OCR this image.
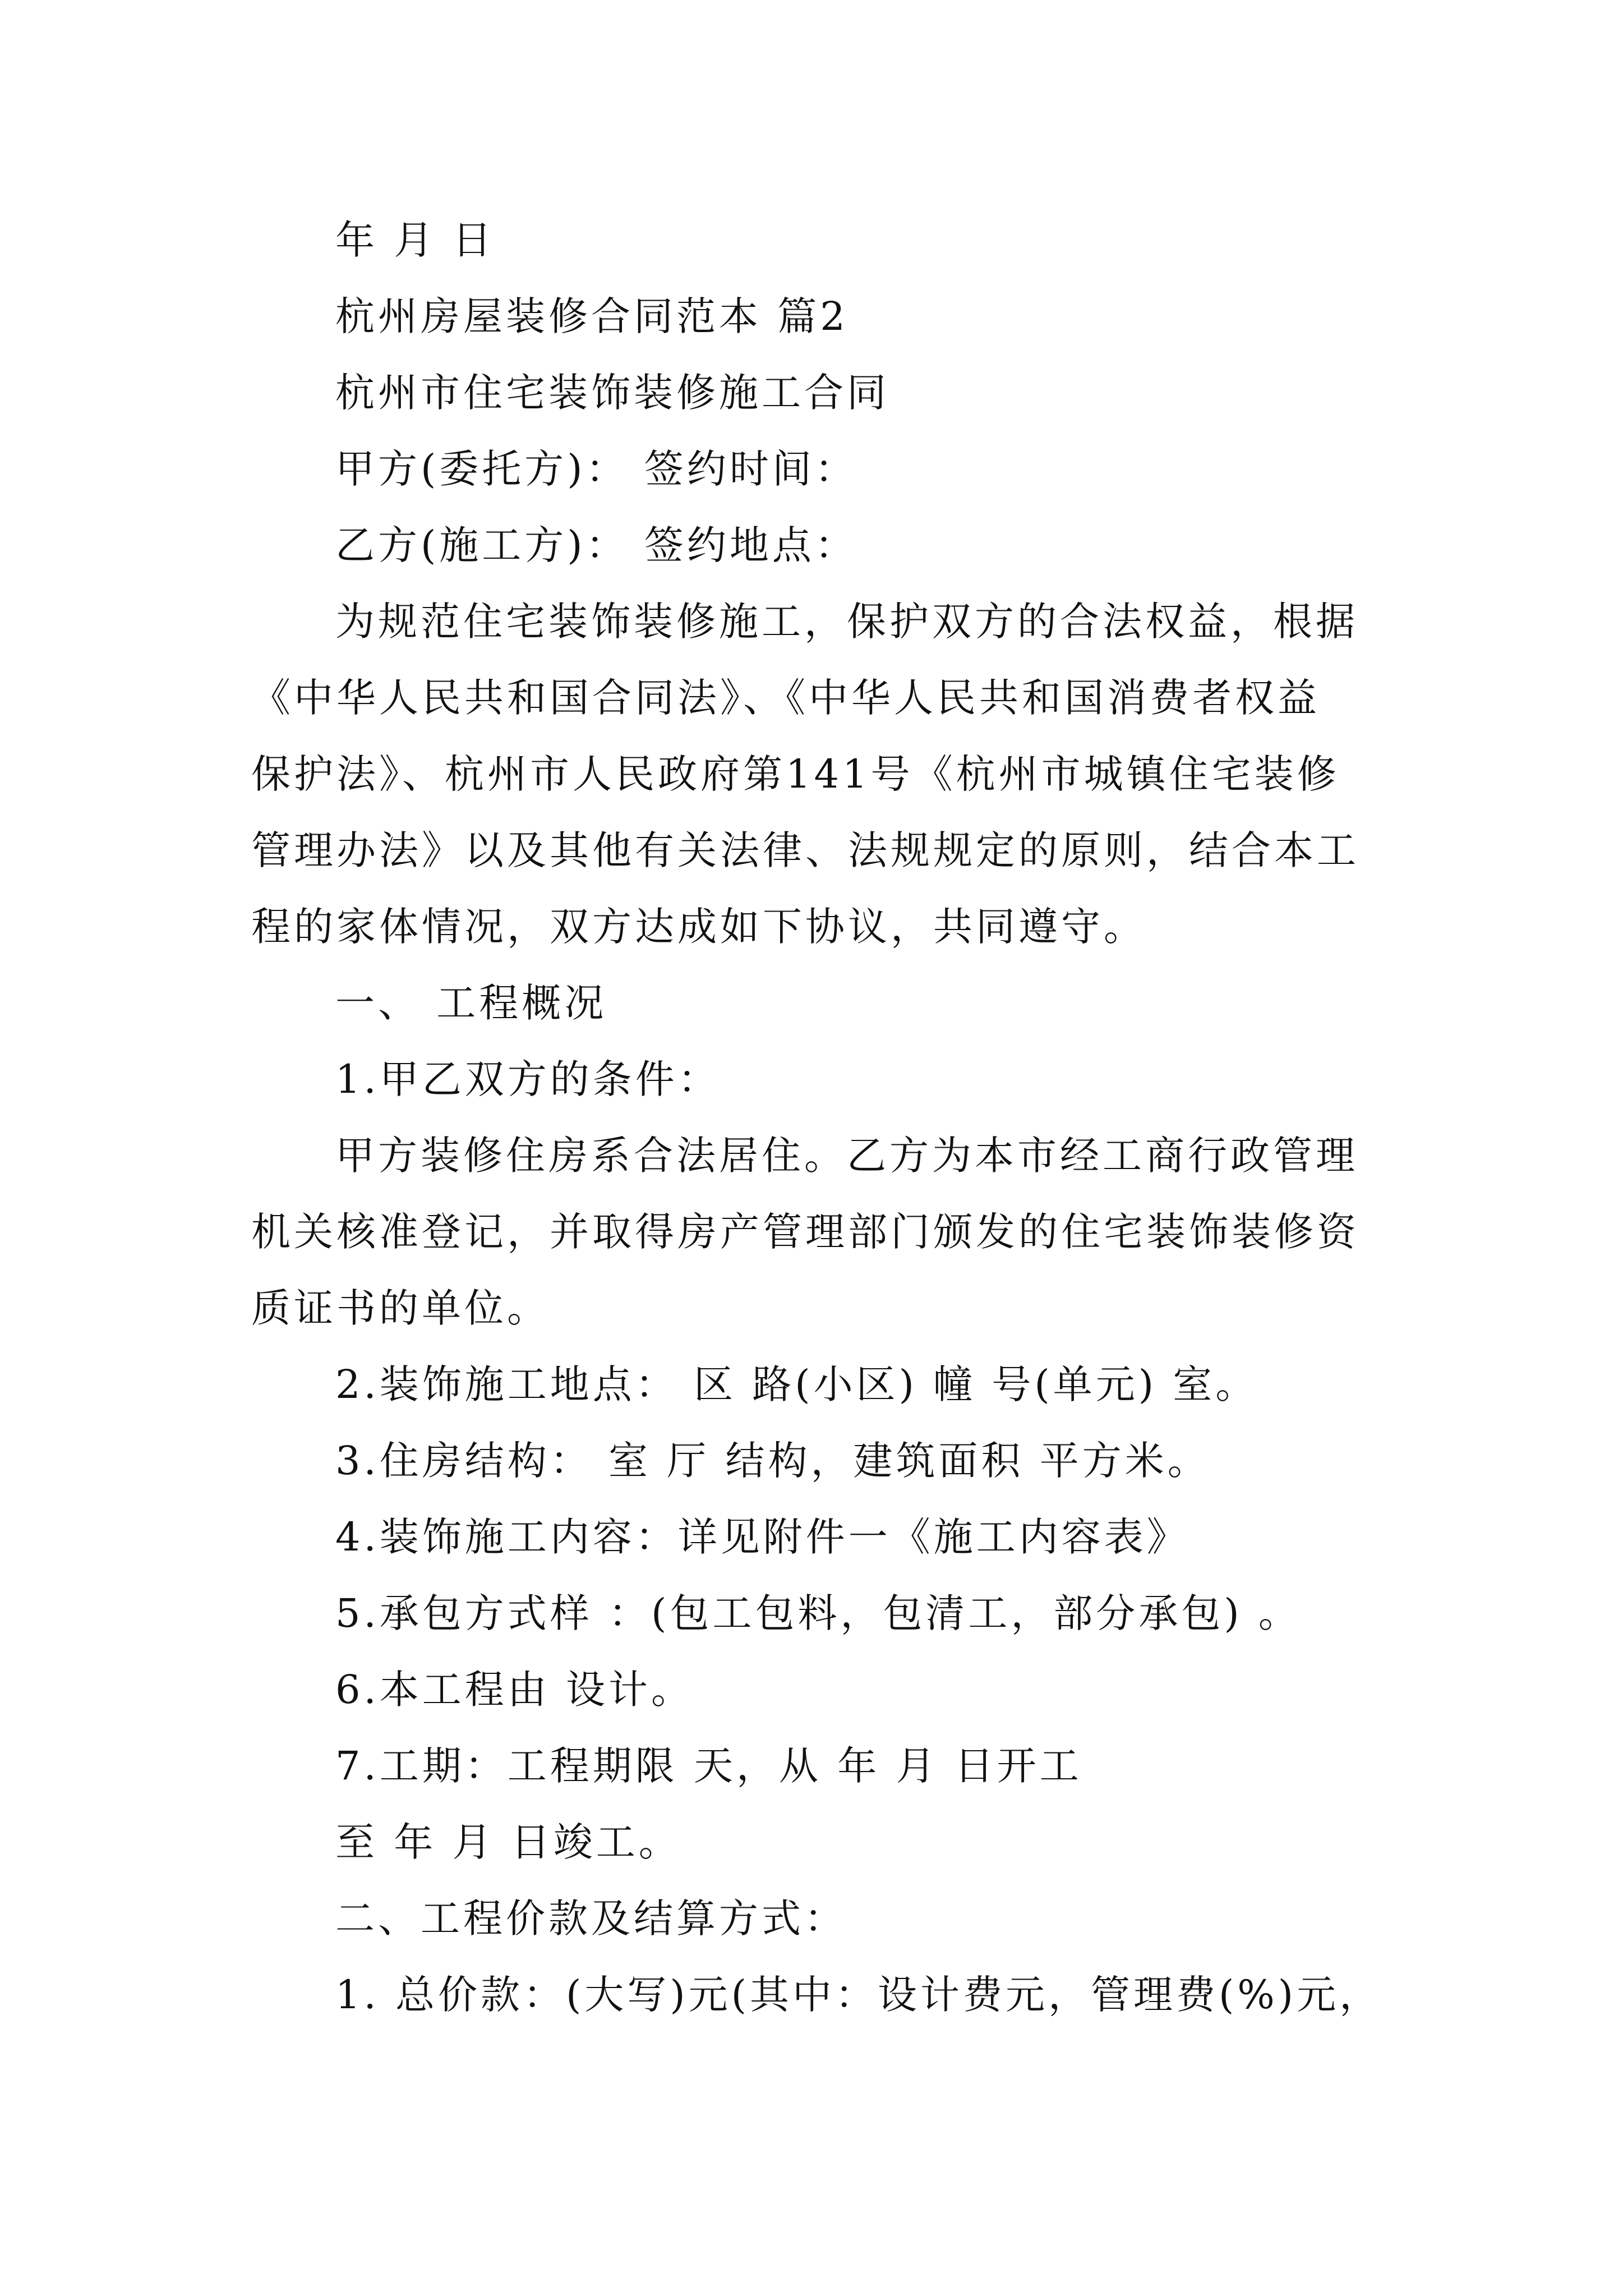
年 月 日
杭州房屋装修合同范本 篇2
杭州市住宅装饰装修施工合同
甲方(委托方)： 签约时间：
乙方(施工方)： 签约地点：
为规范住宅装饰装修施工，保护双方的合法权益，根据
《中华人民共和国合同法》、《中华人民共和国消费者权益
保护法》、杭州市人民政府第141号《杭州市城镇住宅装修
管理办法》以及其他有关法律、法规规定的原则，结合本工
程的家体情况，双方达成如下协议，共同遵守。
一、 工程概况
1.甲乙双方的条件：
甲方装修住房系合法居住。乙方为本市经工商行政管理
机关核准登记，并取得房产管理部门颁发的住宅装饰装修资
质证书的单位。
2.装饰施工地点： 区 路(小区) 幢 号(单元) 室。
3.住房结构： 室 厅 结构，建筑面积 平方米。
4.装饰施工内容：详见附件一《施工内容表》
5.承包方式样 ：(包工包料，包清工，部分承包) 。
6.本工程由 设计。
7.工期：工程期限 天，从 年 月 日开工
至 年 月 日竣工。
二、工程价款及结算方式：
1. 总价款：(大写)元(其中：设计费元，管理费(%)元，
